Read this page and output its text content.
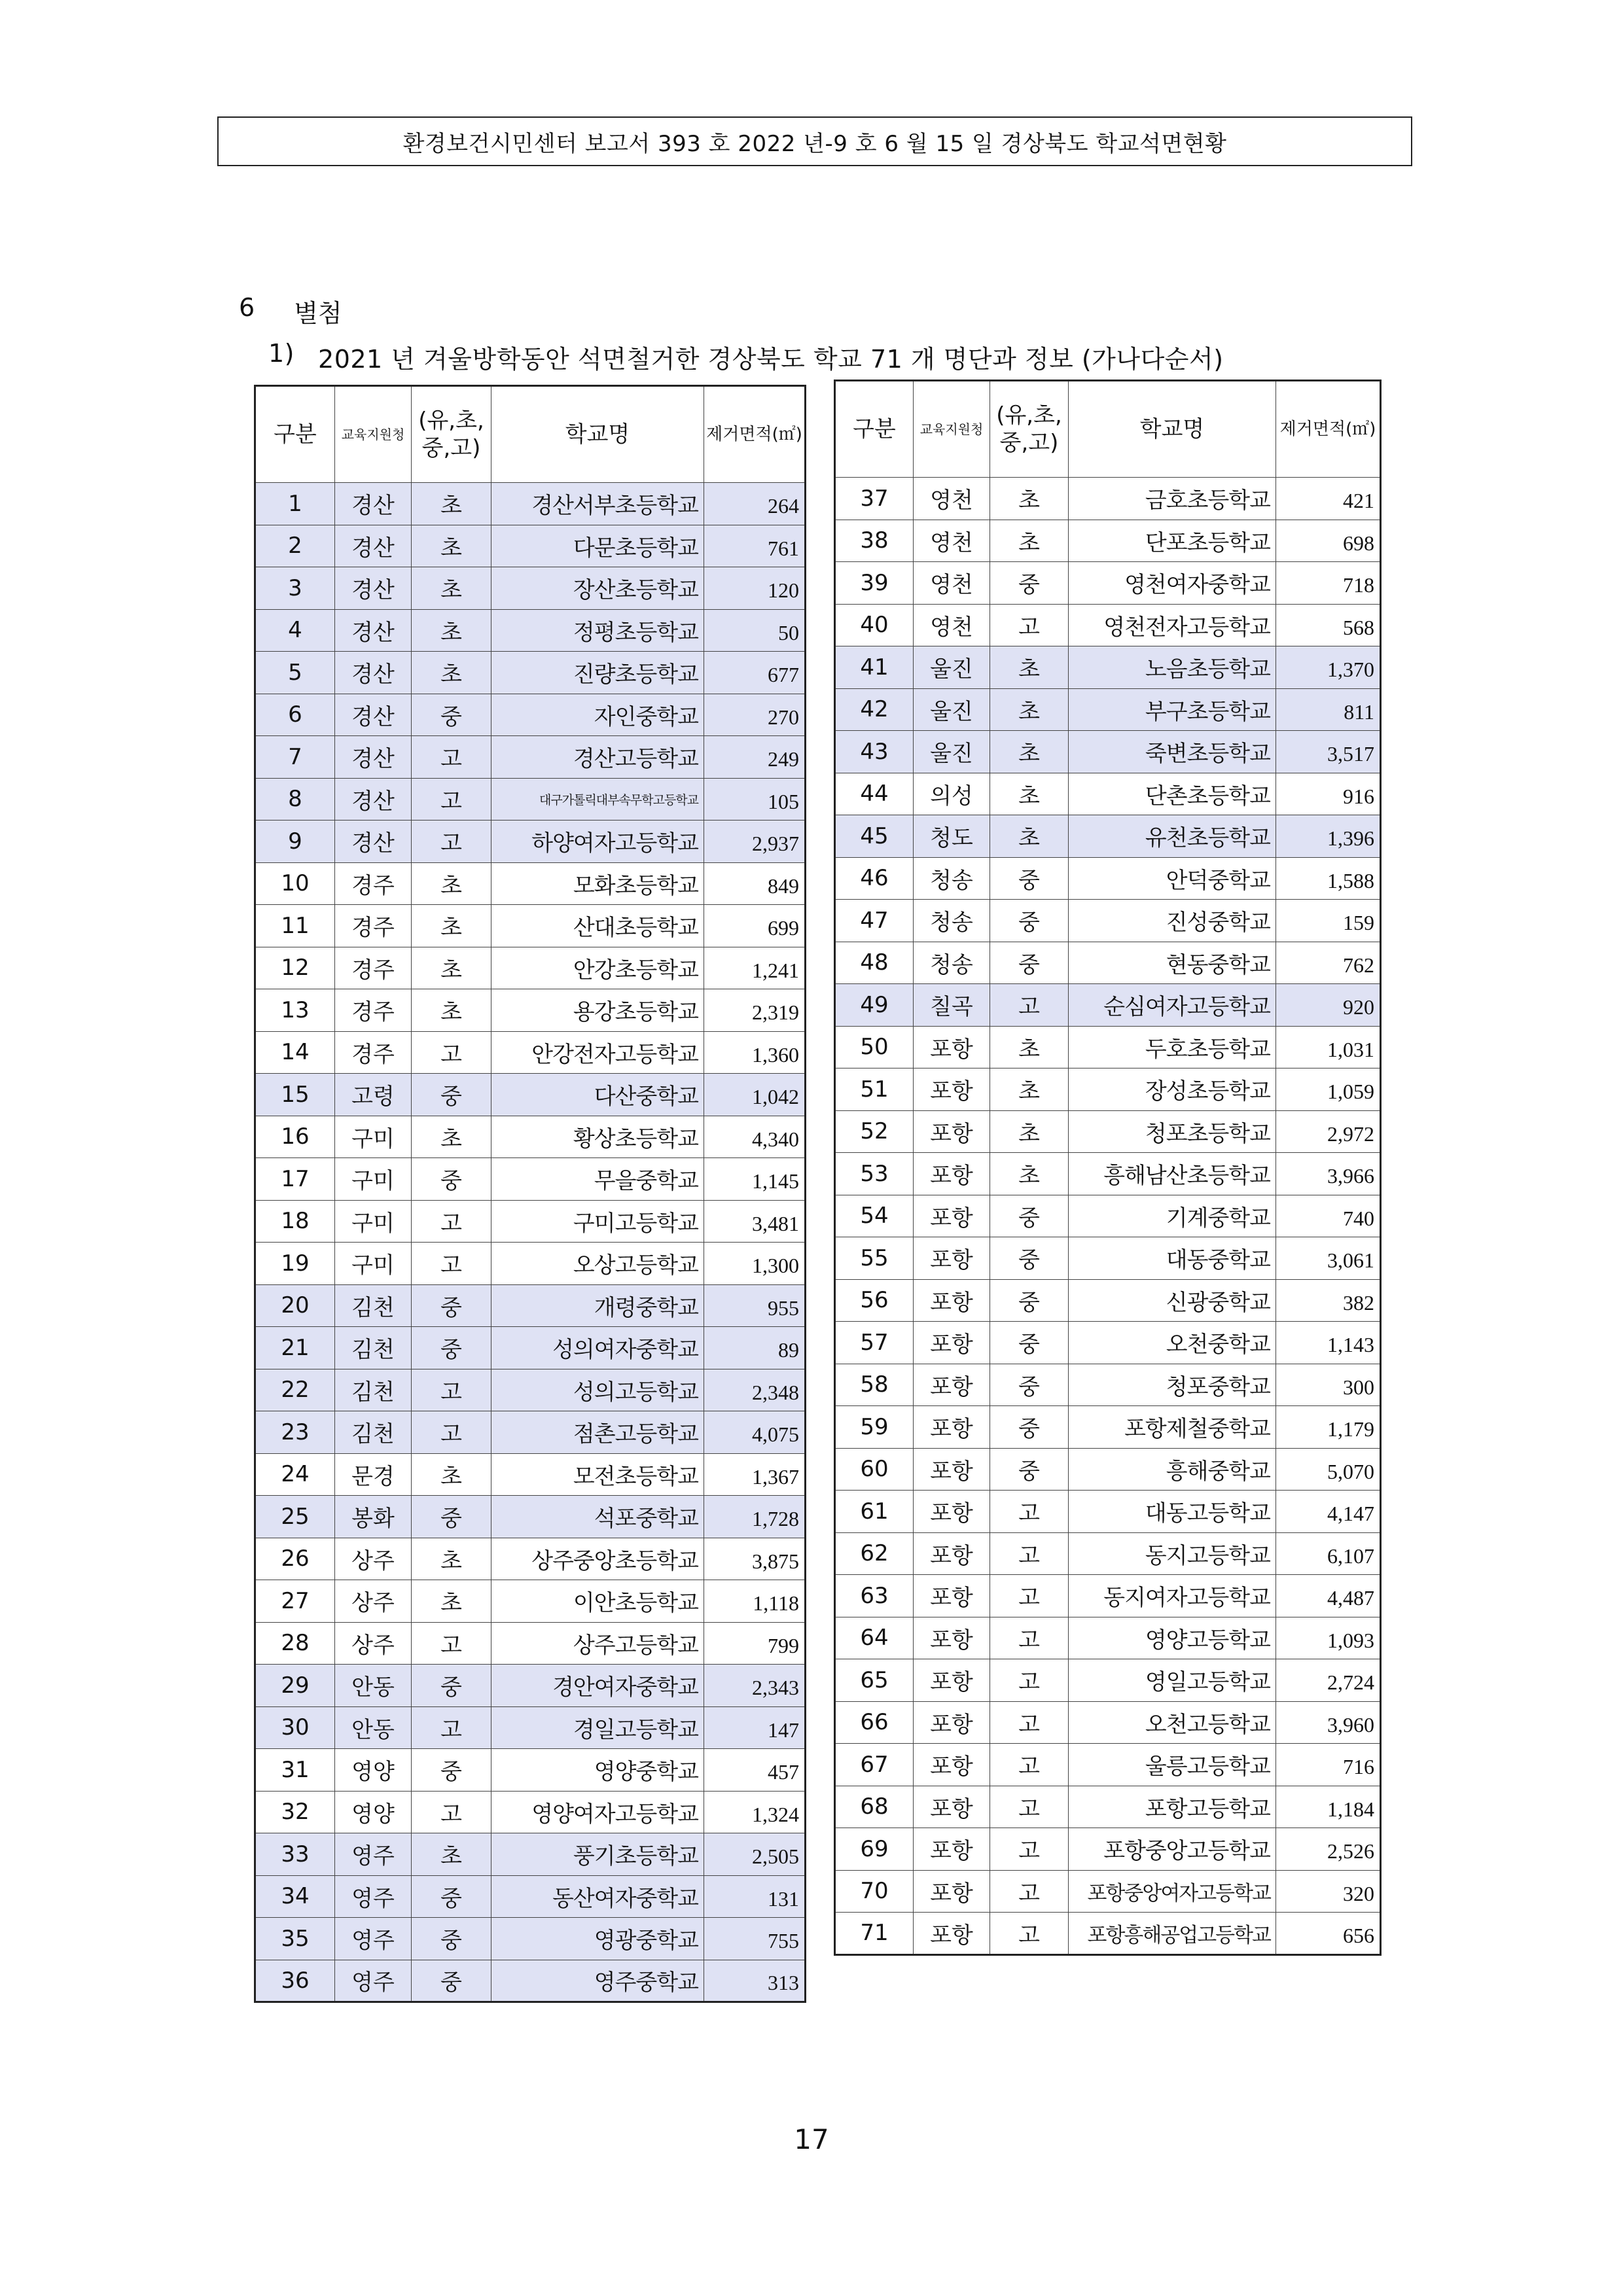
환경보건시민센터 보고서 393 호 2022 년-9 호 6 월 15 일 경상북도 학교석면현황
6 별첨
1) 2021 년 겨울방학동안 석면철거한 경상북도 학교 71 개 명단과 정보 (가나다순서)
구분	교육지원청	(유,초,
중,고)	학교명	제거면적(㎡)
1	경산	초	경산서부초등학교	264
2	경산	초	다문초등학교	761
3	경산	초	장산초등학교	120
4	경산	초	정평초등학교	50
5	경산	초	진량초등학교	677
6	경산	중	자인중학교	270
7	경산	고	경산고등학교	249
8	경산	고	대구가톨릭대부속무학고등학교	105
9	경산	고	하양여자고등학교	2,937
10	경주	초	모화초등학교	849
11	경주	초	산대초등학교	699
12	경주	초	안강초등학교	1,241
13	경주	초	용강초등학교	2,319
14	경주	고	안강전자고등학교	1,360
15	고령	중	다산중학교	1,042
16	구미	초	황상초등학교	4,340
17	구미	중	무을중학교	1,145
18	구미	고	구미고등학교	3,481
19	구미	고	오상고등학교	1,300
20	김천	중	개령중학교	955
21	김천	중	성의여자중학교	89
22	김천	고	성의고등학교	2,348
23	김천	고	점촌고등학교	4,075
24	문경	초	모전초등학교	1,367
25	봉화	중	석포중학교	1,728
26	상주	초	상주중앙초등학교	3,875
27	상주	초	이안초등학교	1,118
28	상주	고	상주고등학교	799
29	안동	중	경안여자중학교	2,343
30	안동	고	경일고등학교	147
31	영양	중	영양중학교	457
32	영양	고	영양여자고등학교	1,324
33	영주	초	풍기초등학교	2,505
34	영주	중	동산여자중학교	131
35	영주	중	영광중학교	755
36	영주	중	영주중학교	313
구분	교육지원청	(유,초,
중,고)	학교명	제거면적(㎡)
37	영천	초	금호초등학교	421
38	영천	초	단포초등학교	698
39	영천	중	영천여자중학교	718
40	영천	고	영천전자고등학교	568
41	울진	초	노음초등학교	1,370
42	울진	초	부구초등학교	811
43	울진	초	죽변초등학교	3,517
44	의성	초	단촌초등학교	916
45	청도	초	유천초등학교	1,396
46	청송	중	안덕중학교	1,588
47	청송	중	진성중학교	159
48	청송	중	현동중학교	762
49	칠곡	고	순심여자고등학교	920
50	포항	초	두호초등학교	1,031
51	포항	초	장성초등학교	1,059
52	포항	초	청포초등학교	2,972
53	포항	초	흥해남산초등학교	3,966
54	포항	중	기계중학교	740
55	포항	중	대동중학교	3,061
56	포항	중	신광중학교	382
57	포항	중	오천중학교	1,143
58	포항	중	청포중학교	300
59	포항	중	포항제철중학교	1,179
60	포항	중	흥해중학교	5,070
61	포항	고	대동고등학교	4,147
62	포항	고	동지고등학교	6,107
63	포항	고	동지여자고등학교	4,487
64	포항	고	영양고등학교	1,093
65	포항	고	영일고등학교	2,724
66	포항	고	오천고등학교	3,960
67	포항	고	울릉고등학교	716
68	포항	고	포항고등학교	1,184
69	포항	고	포항중앙고등학교	2,526
70	포항	고	포항중앙여자고등학교	320
71	포항	고	포항흥해공업고등학교	656
17
